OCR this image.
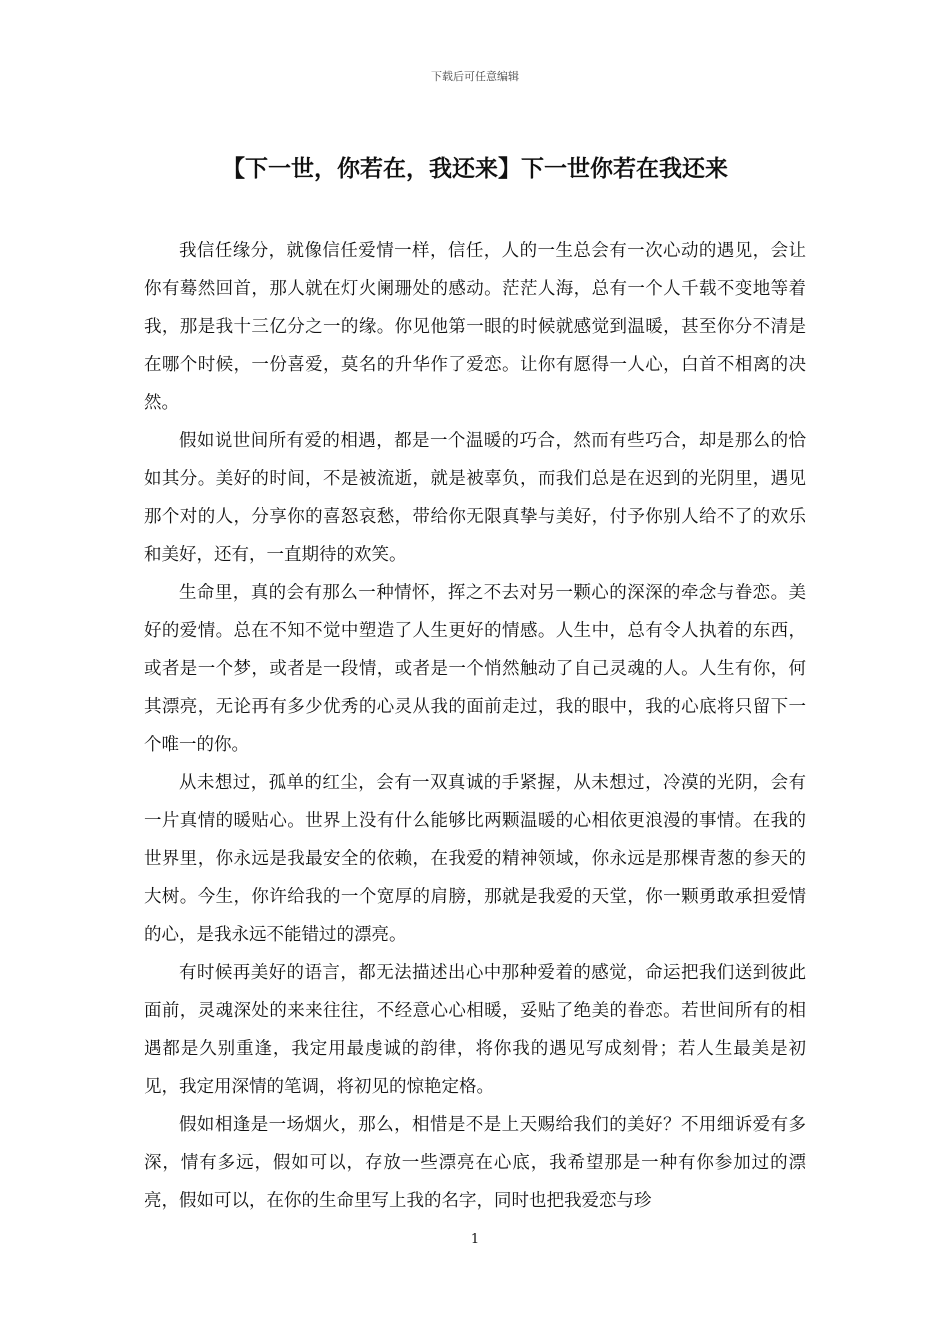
下载后可任意编辑
【下一世，你若在，我还来】下一世你若在我还来

我信任缘分，就像信任爱情一样，信任，人的一生总会有一次心动的遇见，会让你有蓦然回首，那人就在灯火阑珊处的感动。茫茫人海，总有一个人千载不变地等着我，那是我十三亿分之一的缘。你见他第一眼的时候就感觉到温暖，甚至你分不清是在哪个时候，一份喜爱，莫名的升华作了爱恋。让你有愿得一人心，白首不相离的决然。

假如说世间所有爱的相遇，都是一个温暖的巧合，然而有些巧合，却是那么的恰如其分。美好的时间，不是被流逝，就是被辜负，而我们总是在迟到的光阴里，遇见那个对的人，分享你的喜怒哀愁，带给你无限真挚与美好，付予你别人给不了的欢乐和美好，还有，一直期待的欢笑。

生命里，真的会有那么一种情怀，挥之不去对另一颗心的深深的牵念与眷恋。美好的爱情。总在不知不觉中塑造了人生更好的情感。人生中，总有令人执着的东西，或者是一个梦，或者是一段情，或者是一个悄然触动了自己灵魂的人。人生有你，何其漂亮，无论再有多少优秀的心灵从我的面前走过，我的眼中，我的心底将只留下一个唯一的你。

从未想过，孤单的红尘，会有一双真诚的手紧握，从未想过，冷漠的光阴，会有一片真情的暖贴心。世界上没有什么能够比两颗温暖的心相依更浪漫的事情。在我的世界里，你永远是我最安全的依赖，在我爱的精神领域，你永远是那棵青葱的参天的大树。今生，你许给我的一个宽厚的肩膀，那就是我爱的天堂，你一颗勇敢承担爱情的心，是我永远不能错过的漂亮。

有时候再美好的语言，都无法描述出心中那种爱着的感觉，命运把我们送到彼此面前，灵魂深处的来来往往，不经意心心相暖，妥贴了绝美的眷恋。若世间所有的相遇都是久别重逢，我定用最虔诚的韵律，将你我的遇见写成刻骨；若人生最美是初见，我定用深情的笔调，将初见的惊艳定格。

假如相逢是一场烟火，那么，相惜是不是上天赐给我们的美好？不用细诉爱有多深，情有多远，假如可以，存放一些漂亮在心底，我希望那是一种有你参加过的漂亮，假如可以，在你的生命里写上我的名字，同时也把我爱恋与珍

1
